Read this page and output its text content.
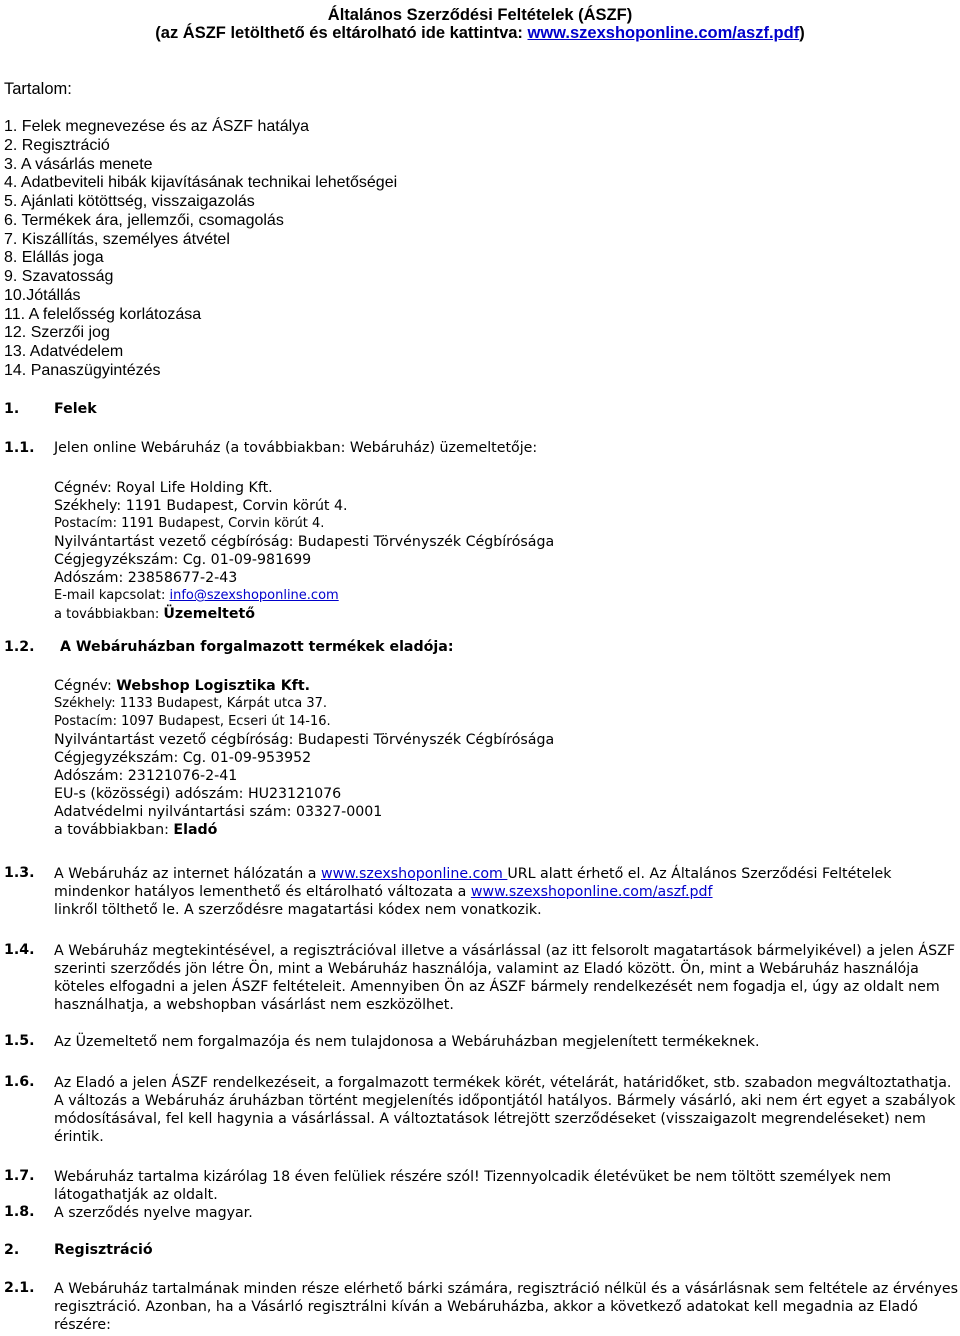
Általános Szerződési Feltételek (ÁSZF)
(az ÁSZF letölthető és eltárolható ide kattintva: www.szexshoponline.com/aszf.pdf)
Tartalom:
1. Felek megnevezése és az ÁSZF hatálya
2. Regisztráció
3. A vásárlás menete
4. Adatbeviteli hibák kijavításának technikai lehetőségei
5. Ajánlati kötöttség, visszaigazolás
6. Termékek ára, jellemzői, csomagolás
7. Kiszállítás, személyes átvétel
8. Elállás joga
9. Szavatosság
10.Jótállás
11. A felelősség korlátozása
12. Szerzői jog
13. Adatvédelem
14. Panaszügyintézés
1. Felek
1.1. Jelen online Webáruház (a továbbiakban: Webáruház) üzemeltetője:
Cégnév: Royal Life Holding Kft.
Székhely: 1191 Budapest, Corvin körút 4.
Postacím: 1191 Budapest, Corvin körút 4.
Nyilvántartást vezető cégbíróság: Budapesti Törvényszék Cégbírósága
Cégjegyzékszám: Cg. 01-09-981699
Adószám: 23858677-2-43
E-mail kapcsolat: info@szexshoponline.com
a továbbiakban: Üzemeltető
1.2. A Webáruházban forgalmazott termékek eladója:
Cégnév: Webshop Logisztika Kft.
Székhely: 1133 Budapest, Kárpát utca 37.
Postacím: 1097 Budapest, Ecseri út 14-16.
Nyilvántartást vezető cégbíróság: Budapesti Törvényszék Cégbírósága
Cégjegyzékszám: Cg. 01-09-953952
Adószám: 23121076-2-41
EU-s (közösségi) adószám: HU23121076
Adatvédelmi nyilvántartási szám: 03327-0001
a továbbiakban: Eladó
1.3. A Webáruház az internet hálózatán a www.szexshoponline.com URL alatt érhető el. Az Általános Szerződési Feltételek mindenkor hatályos lementhető és eltárolható változata a www.szexshoponline.com/aszf.pdf
linkről tölthető le. A szerződésre magatartási kódex nem vonatkozik.
1.4. A Webáruház megtekintésével, a regisztrációval illetve a vásárlással (az itt felsorolt magatartások bármelyikével) a jelen ÁSZF szerinti szerződés jön létre Ön, mint a Webáruház használója, valamint az Eladó között. Ön, mint a Webáruház használója köteles elfogadni a jelen ÁSZF feltételeit. Amennyiben Ön az ÁSZF bármely rendelkezését nem fogadja el, úgy az oldalt nem használhatja, a webshopban vásárlást nem eszközölhet.
1.5. Az Üzemeltető nem forgalmazója és nem tulajdonosa a Webáruházban megjelenített termékeknek.
1.6. Az Eladó a jelen ÁSZF rendelkezéseit, a forgalmazott termékek körét, vételárát, határidőket, stb. szabadon megváltoztathatja. A változás a Webáruház áruházban történt megjelenítés időpontjától hatályos. Bármely vásárló, aki nem ért egyet a szabályok módosításával, fel kell hagynia a vásárlással. A változtatások létrejött szerződéseket (visszaigazolt megrendeléseket) nem érintik.
1.7. Webáruház tartalma kizárólag 18 éven felüliek részére szól! Tizennyolcadik életévüket be nem töltött személyek nem látogathatják az oldalt.
1.8. A szerződés nyelve magyar.
2. Regisztráció
2.1. A Webáruház tartalmának minden része elérhető bárki számára, regisztráció nélkül és a vásárlásnak sem feltétele az érvényes regisztráció. Azonban, ha a Vásárló regisztrálni kíván a Webáruházba, akkor a következő adatokat kell megadnia az Eladó részére:
